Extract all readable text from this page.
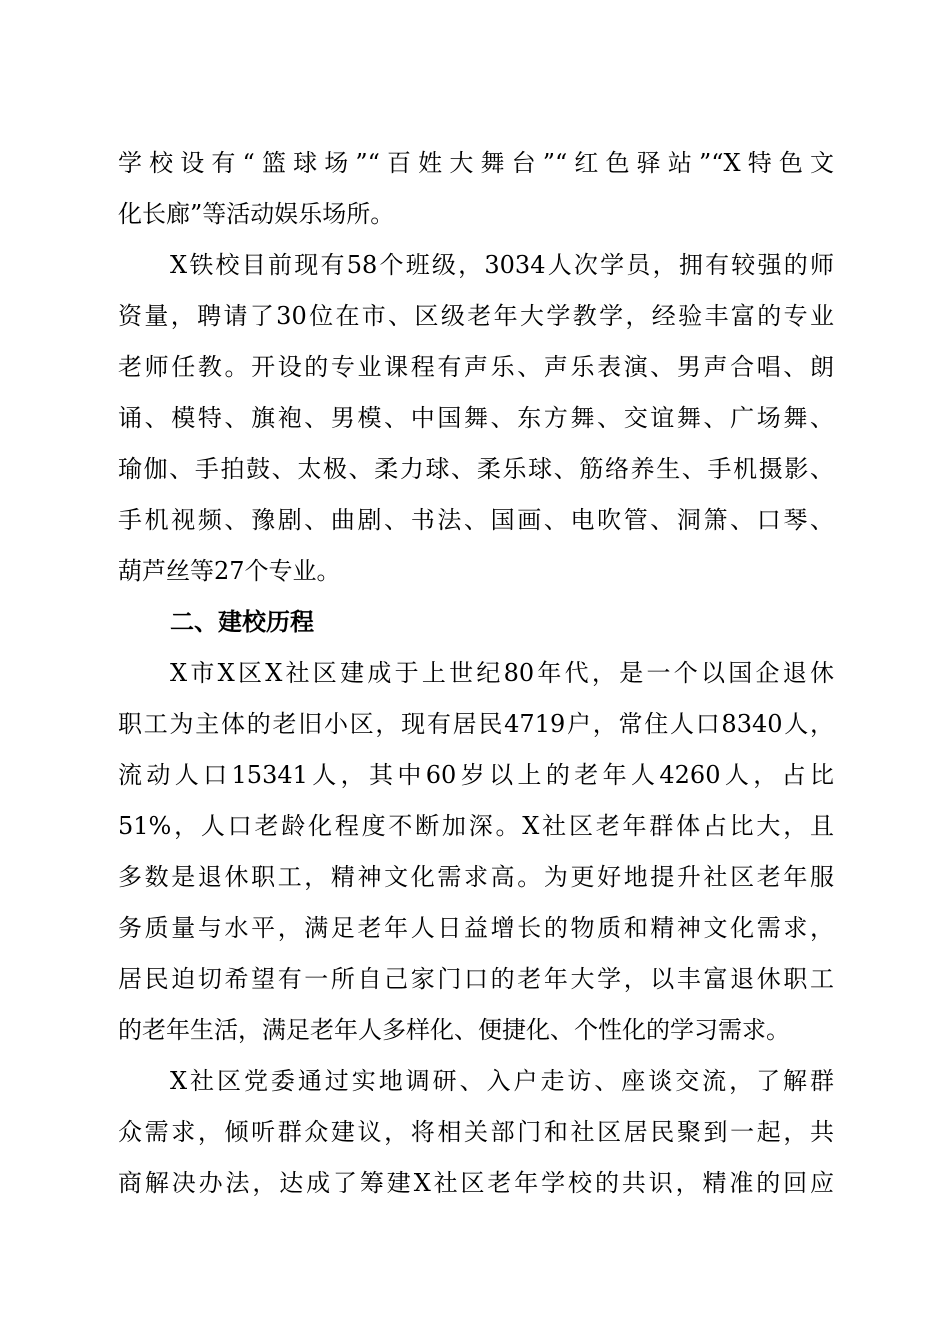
学校设有“篮球场”“百姓大舞台”“红色驿站”“X特色文
化长廊”等活动娱乐场所。
X铁校目前现有58个班级，3034人次学员，拥有较强的师
资量，聘请了30位在市、区级老年大学教学，经验丰富的专业
老师任教。开设的专业课程有声乐、声乐表演、男声合唱、朗
诵、模特、旗袍、男模、中国舞、东方舞、交谊舞、广场舞、
瑜伽、手拍鼓、太极、柔力球、柔乐球、筋络养生、手机摄影、
手机视频、豫剧、曲剧、书法、国画、电吹管、洞箫、口琴、
葫芦丝等27个专业。
二、建校历程
X市X区X社区建成于上世纪80年代，是一个以国企退休
职工为主体的老旧小区，现有居民4719户，常住人口8340人，
流动人口15341人，其中60岁以上的老年人4260人，占比
51%，人口老龄化程度不断加深。X社区老年群体占比大，且
多数是退休职工，精神文化需求高。为更好地提升社区老年服
务质量与水平，满足老年人日益增长的物质和精神文化需求，
居民迫切希望有一所自己家门口的老年大学，以丰富退休职工
的老年生活，满足老年人多样化、便捷化、个性化的学习需求。
X社区党委通过实地调研、入户走访、座谈交流，了解群
众需求，倾听群众建议，将相关部门和社区居民聚到一起，共
商解决办法，达成了筹建X社区老年学校的共识，精准的回应
